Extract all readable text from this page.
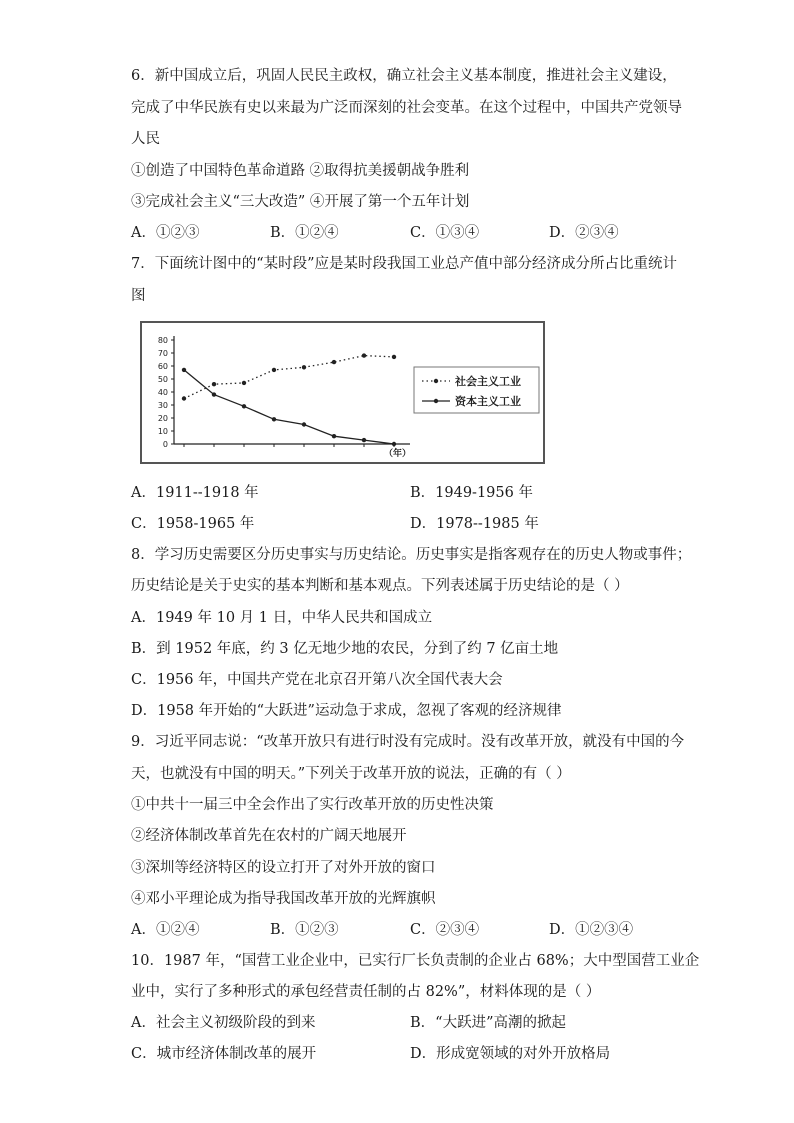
6．新中国成立后，巩固人民民主政权，确立社会主义基本制度，推进社会主义建设，
完成了中华民族有史以来最为广泛而深刻的社会变革。在这个过程中，中国共产党领导
人民
①创造了中国特色革命道路 ②取得抗美援朝战争胜利
③完成社会主义“三大改造” ④开展了第一个五年计划
A．①②③	B．①②④	C．①③④	D．②③④
7．下面统计图中的“某时段”应是某时段我国工业总产值中部分经济成分所占比重统计
图
0
10
20
30
40
50
60
70
80
（年）
社会主义工业
资本主义工业
A．1911--1918 年	B．1949-1956 年
C．1958-1965 年	D．1978--1985 年
8．学习历史需要区分历史事实与历史结论。历史事实是指客观存在的历史人物或事件；
历史结论是关于史实的基本判断和基本观点。下列表述属于历史结论的是（ ）
A．1949 年 10 月 1 日，中华人民共和国成立
B．到 1952 年底，约 3 亿无地少地的农民，分到了约 7 亿亩土地
C．1956 年，中国共产党在北京召开第八次全国代表大会
D．1958 年开始的“大跃进”运动急于求成，忽视了客观的经济规律
9．习近平同志说：“改革开放只有进行时没有完成时。没有改革开放，就没有中国的今
天，也就没有中国的明天。”下列关于改革开放的说法，正确的有（ ）
①中共十一届三中全会作出了实行改革开放的历史性决策
②经济体制改革首先在农村的广阔天地展开
③深圳等经济特区的设立打开了对外开放的窗口
④邓小平理论成为指导我国改革开放的光辉旗帜
A．①②④	B．①②③	C．②③④	D．①②③④
10．1987 年，“国营工业企业中，已实行厂长负责制的企业占 68%；大中型国营工业企
业中，实行了多种形式的承包经营责任制的占 82%”，材料体现的是（ ）
A．社会主义初级阶段的到来	B．“大跃进”高潮的掀起
C．城市经济体制改革的展开	D．形成宽领域的对外开放格局
